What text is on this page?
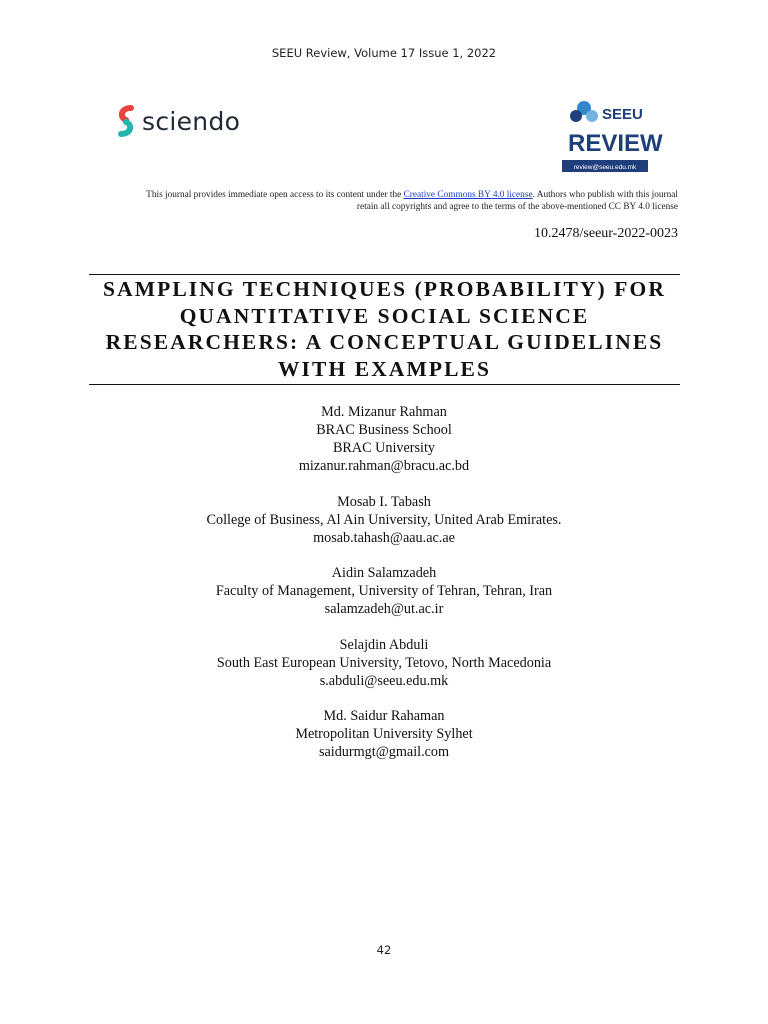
SEEU Review, Volume 17 Issue 1, 2022
sciendo	SEEU
REVIEW
review@seeu.edu.mk
This journal provides immediate open access to its content under the Creative Commons BY 4.0 license. Authors who publish with this journal
retain all copyrights and agree to the terms of the above-mentioned CC BY 4.0 license
10.2478/seeur-2022-0023
SAMPLING TECHNIQUES (PROBABILITY) FOR
QUANTITATIVE SOCIAL SCIENCE
RESEARCHERS: A CONCEPTUAL GUIDELINES
WITH EXAMPLES
Md. Mizanur Rahman
BRAC Business School
BRAC University
mizanur.rahman@bracu.ac.bd
Mosab I. Tabash
College of Business, Al Ain University, United Arab Emirates.
mosab.tahash@aau.ac.ae
Aidin Salamzadeh
Faculty of Management, University of Tehran, Tehran, Iran
salamzadeh@ut.ac.ir
Selajdin Abduli
South East European University, Tetovo, North Macedonia
s.abduli@seeu.edu.mk
Md. Saidur Rahaman
Metropolitan University Sylhet
saidurmgt@gmail.com
42
